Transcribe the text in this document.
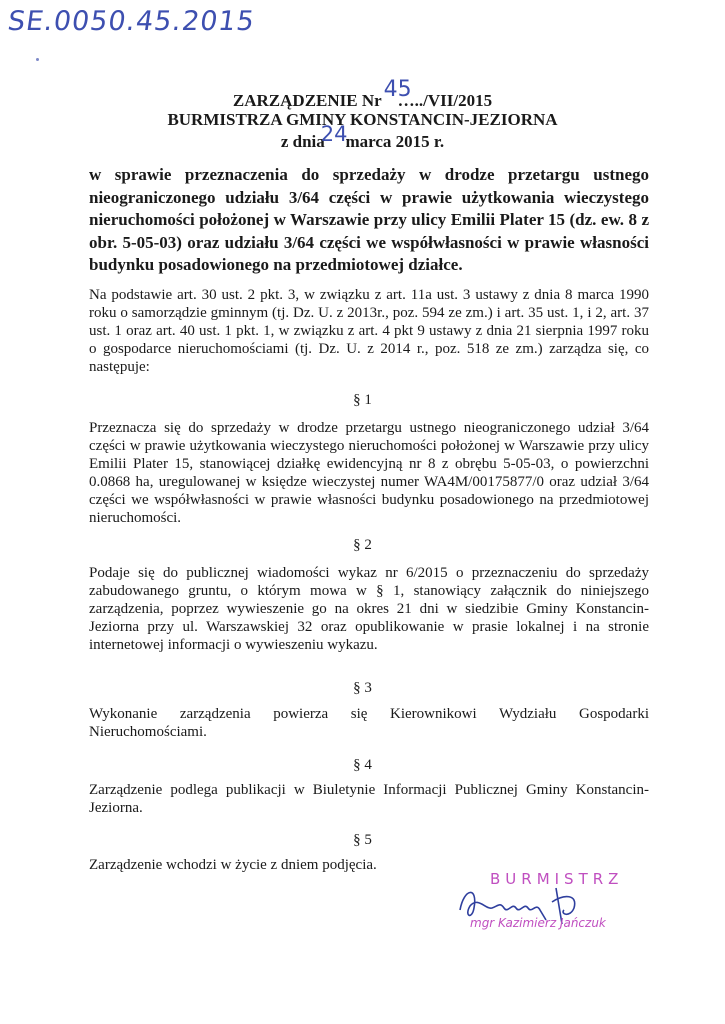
SE.0050.45.2015
ZARZĄDZENIE Nr 45…../VII/2015
BURMISTRZA GMINY KONSTANCIN-JEZIORNA
z dnia24marca 2015 r.
w sprawie przeznaczenia do sprzedaży w drodze przetargu ustnego nieograniczonego udziału 3/64 części w prawie użytkowania wieczystego nieruchomości położonej w Warszawie przy ulicy Emilii Plater 15 (dz. ew. 8 z obr. 5-05-03) oraz udziału 3/64 części we współwłasności w prawie własności budynku posadowionego na przedmiotowej działce.
Na podstawie art. 30 ust. 2 pkt. 3, w związku z art. 11a ust. 3 ustawy z dnia 8 marca 1990 roku o samorządzie gminnym (tj. Dz. U. z 2013r., poz. 594 ze zm.) i art. 35 ust. 1, i 2, art. 37 ust. 1 oraz art. 40 ust. 1 pkt. 1, w związku z art. 4 pkt 9 ustawy z dnia 21 sierpnia 1997 roku o gospodarce nieruchomościami (tj. Dz. U. z 2014 r., poz. 518 ze zm.) zarządza się, co następuje:
§ 1
Przeznacza się do sprzedaży w drodze przetargu ustnego nieograniczonego udział 3/64 części w prawie użytkowania wieczystego nieruchomości położonej w Warszawie przy ulicy Emilii Plater 15, stanowiącej działkę ewidencyjną nr 8 z obrębu 5-05-03, o powierzchni 0.0868 ha, uregulowanej w księdze wieczystej numer WA4M/00175877/0 oraz udział 3/64 części we współwłasności w prawie własności budynku posadowionego na przedmiotowej nieruchomości.
§ 2
Podaje się do publicznej wiadomości wykaz nr 6/2015 o przeznaczeniu do sprzedaży zabudowanego gruntu, o którym mowa w § 1, stanowiący załącznik do niniejszego zarządzenia, poprzez wywieszenie go na okres 21 dni w siedzibie Gminy Konstancin-Jeziorna przy ul. Warszawskiej 32 oraz opublikowanie w prasie lokalnej i na stronie internetowej informacji o wywieszeniu wykazu.
§ 3
Wykonanie zarządzenia powierza się Kierownikowi Wydziału Gospodarki Nieruchomościami.
§ 4
Zarządzenie podlega publikacji w Biuletynie Informacji Publicznej Gminy Konstancin-Jeziorna.
§ 5
Zarządzenie wchodzi w życie z dniem podjęcia.
BURMISTRZ
mgr Kazimierz Jańczuk
